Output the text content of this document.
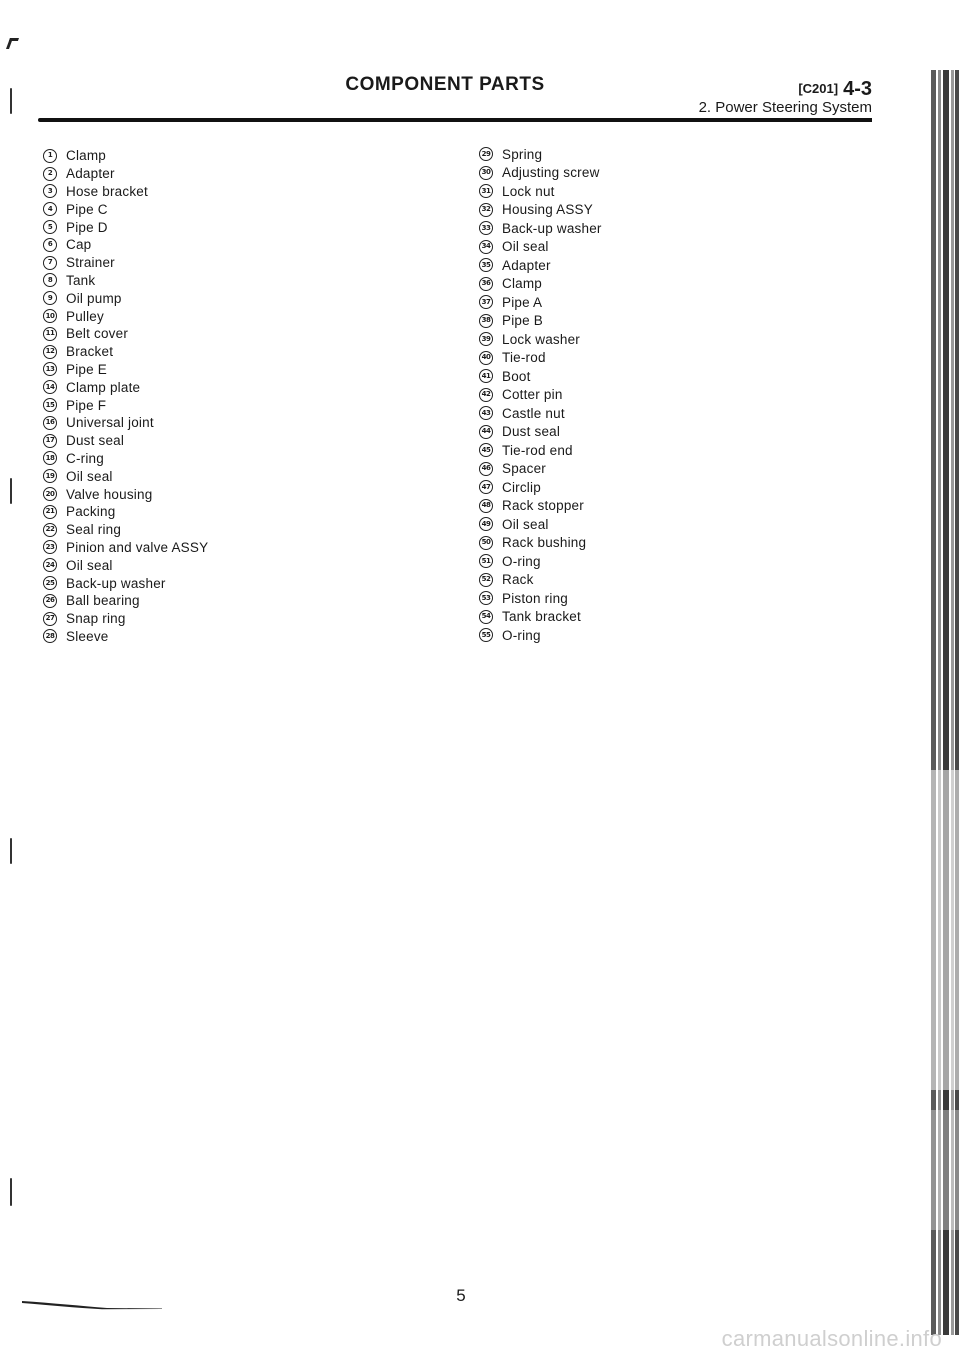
COMPONENT PARTS	[C201] 4-3
2. Power Steering System
1	Clamp
2	Adapter
3	Hose bracket
4	Pipe C
5	Pipe D
6	Cap
7	Strainer
8	Tank
9	Oil pump
10 Pulley
11 Belt cover
12 Bracket
13 Pipe E
14 Clamp plate
15 Pipe F
16 Universal joint
17 Dust seal
18 C-ring
19 Oil seal
20 Valve housing
21 Packing
22 Seal ring
23 Pinion and valve ASSY
24 Oil seal
25 Back-up washer
26 Ball bearing
27 Snap ring
28 Sleeve
29 Spring
30 Adjusting screw
31 Lock nut
32 Housing ASSY
33 Back-up washer
34 Oil seal
35 Adapter
36 Clamp
37 Pipe A
38 Pipe B
39 Lock washer
40 Tie-rod
41 Boot
42 Cotter pin
43 Castle nut
44 Dust seal
45 Tie-rod end
46 Spacer
47 Circlip
48 Rack stopper
49 Oil seal
50 Rack bushing
51 O-ring
52 Rack
53 Piston ring
54 Tank bracket
55 O-ring
5
carmanualsonline.info
